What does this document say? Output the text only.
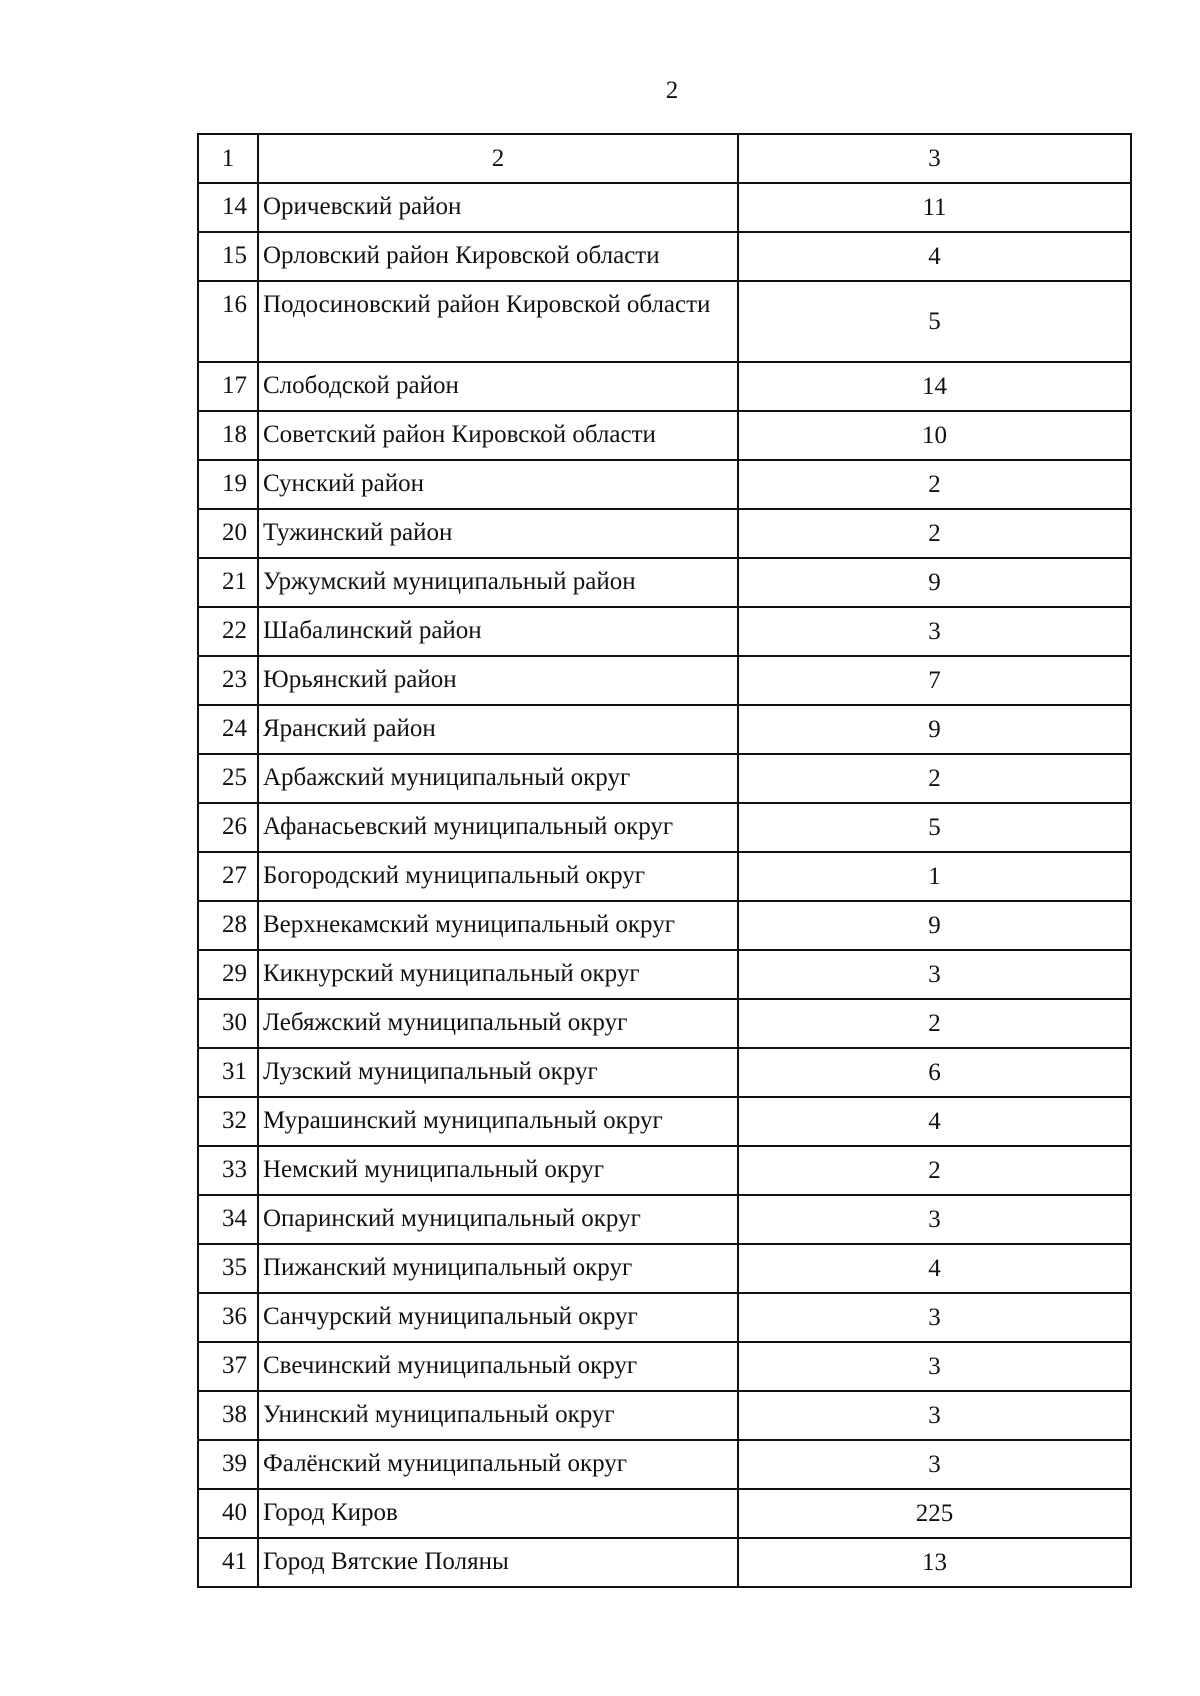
2
1	2	3
14	Оричевский район	11
15	Орловский район Кировской области	4
16	Подосиновский район Кировской области	5
17	Слободской район	14
18	Советский район Кировской области	10
19	Сунский район	2
20	Тужинский район	2
21	Уржумский муниципальный район	9
22	Шабалинский район	3
23	Юрьянский район	7
24	Яранский район	9
25	Арбажский муниципальный округ	2
26	Афанасьевский муниципальный округ	5
27	Богородский муниципальный округ	1
28	Верхнекамский муниципальный округ	9
29	Кикнурский муниципальный округ	3
30	Лебяжский муниципальный округ	2
31	Лузский муниципальный округ	6
32	Мурашинский муниципальный округ	4
33	Немский муниципальный округ	2
34	Опаринский муниципальный округ	3
35	Пижанский муниципальный округ	4
36	Санчурский муниципальный округ	3
37	Свечинский муниципальный округ	3
38	Унинский муниципальный округ	3
39	Фалёнский муниципальный округ	3
40	Город Киров	225
41	Город Вятские Поляны	13
